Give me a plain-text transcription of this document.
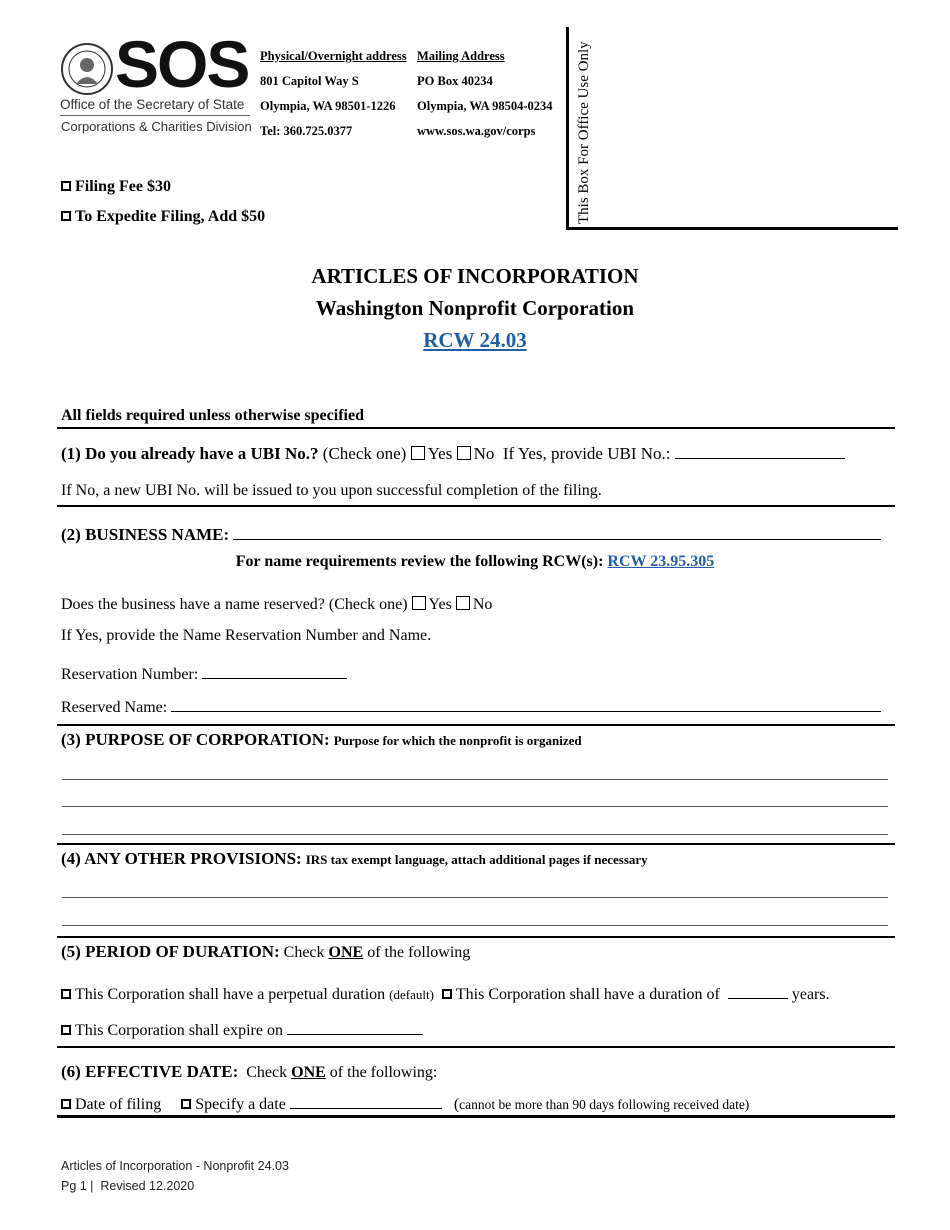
SOS
Office of the Secretary of State
Corporations & Charities Division
Physical/Overnight address
801 Capitol Way S
Olympia, WA 98501-1226
Tel: 360.725.0377
Mailing Address
PO Box 40234
Olympia, WA 98504-0234
www.sos.wa.gov/corps	This Box For Office Use Only
Filing Fee $30
To Expedite Filing, Add $50
ARTICLES OF INCORPORATION
Washington Nonprofit Corporation
RCW 24.03
All fields required unless otherwise specified
(1) Do you already have a UBI No.? (Check one) Yes No If Yes, provide UBI No.:
If No, a new UBI No. will be issued to you upon successful completion of the filing.
(2) BUSINESS NAME:
For name requirements review the following RCW(s): RCW 23.95.305
Does the business have a name reserved? (Check one) Yes No
If Yes, provide the Name Reservation Number and Name.
Reservation Number:
Reserved Name:
(3) PURPOSE OF CORPORATION: Purpose for which the nonprofit is organized
(4) ANY OTHER PROVISIONS: IRS tax exempt language, attach additional pages if necessary
(5) PERIOD OF DURATION: Check ONE of the following
This Corporation shall have a perpetual duration (default) This Corporation shall have a duration of	years.
This Corporation shall expire on
(6) EFFECTIVE DATE: Check ONE of the following:
Date of filing Specify a date	(cannot be more than 90 days following received date)
Articles of Incorporation - Nonprofit 24.03
Pg 1 |  Revised 12.2020
